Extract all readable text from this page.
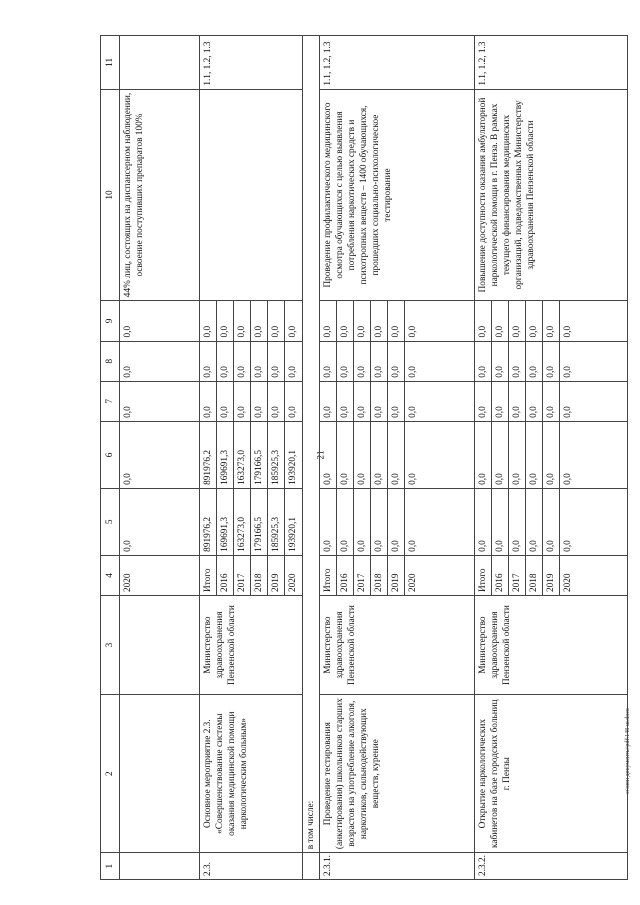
21
c:\мои документы\pdf\148-ш.docx
1	2	3	4	5	6	7	8	9	10	11
			2020	0,0	0,0	0,0	0,0	0,0	44% лиц, состоящих на диспансерном наблюдении, освоение поступивших препаратов 100%	
2.3.	Основное мероприятие 2.3. «Совершенствование системы оказания медицинской помощи наркологическим больным»	Министерство здравоохранения Пензенской области	Итого	891976,2	891976,2	0,0	0,0	0,0		1.1, 1.2, 1.3
			2016	169691,3	169691,3	0,0	0,0	0,0		
			2017	163273,0	163273,0	0,0	0,0	0,0		
			2018	179166,5	179166,5	0,0	0,0	0,0		
			2019	185925,3	185925,3	0,0	0,0	0,0		
			2020	193920,1	193920,1	0,0	0,0	0,0		
	в том числе:									
2.3.1.	Проведение тестирования (анкетирования) школьников старших возрастов на употребление алкоголя, наркотиков, сильнодействующих веществ, курение	Министерство здравоохранения Пензенской области	Итого	0,0	0,0	0,0	0,0	0,0	Проведение профилактического медицинского осмотра обучающихся с целью выявления потребления наркотических средств и психотропных веществ – 1400 обучающихся, прошедших социально-психологическое тестирование	1.1, 1.2, 1.3
			2016	0,0	0,0	0,0	0,0	0,0		
			2017	0,0	0,0	0,0	0,0	0,0		
			2018	0,0	0,0	0,0	0,0	0,0		
			2019	0,0	0,0	0,0	0,0	0,0		
			2020	0,0	0,0	0,0	0,0	0,0		
2.3.2.	Открытие наркологических кабинетов на базе городских больниц г. Пензы	Министерство здравоохранения Пензенской области	Итого	0,0	0,0	0,0	0,0	0,0	Повышение доступности оказания амбулаторной наркологической помощи в г. Пенза. В рамках текущего финансирования медицинских организаций, подведомственных Министерству здравоохранения Пензенской области	1.1, 1.2, 1.3
			2016	0,0	0,0	0,0	0,0	0,0		
			2017	0,0	0,0	0,0	0,0	0,0		
			2018	0,0	0,0	0,0	0,0	0,0		
			2019	0,0	0,0	0,0	0,0	0,0		
			2020	0,0	0,0	0,0	0,0	0,0		
